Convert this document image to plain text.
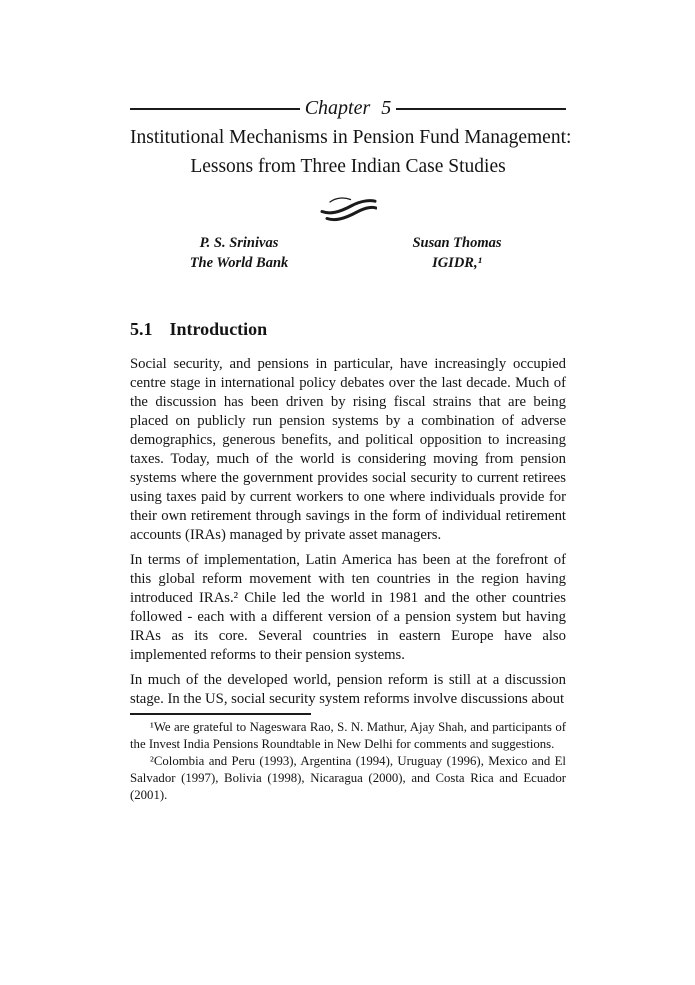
Chapter 5
Institutional Mechanisms in Pension Fund Management:
Lessons from Three Indian Case Studies
P. S. Srinivas
The World Bank
Susan Thomas
IGIDR,¹
5.1 Introduction

Social security, and pensions in particular, have increasingly occupied centre stage in international policy debates over the last decade. Much of the discussion has been driven by rising fiscal strains that are being placed on publicly run pension systems by a combination of adverse demographics, generous benefits, and political opposition to increasing taxes. Today, much of the world is considering moving from pension systems where the government provides social security to current retirees using taxes paid by current workers to one where individuals provide for their own retirement through savings in the form of individual retirement accounts (IRAs) managed by private asset managers.

In terms of implementation, Latin America has been at the forefront of this global reform movement with ten countries in the region having introduced IRAs.² Chile led the world in 1981 and the other countries followed - each with a different version of a pension system but having IRAs as its core. Several countries in eastern Europe have also implemented reforms to their pension systems.

In much of the developed world, pension reform is still at a discussion stage. In the US, social security system reforms involve discussions about

¹We are grateful to Nageswara Rao, S. N. Mathur, Ajay Shah, and participants of the Invest India Pensions Roundtable in New Delhi for comments and suggestions.

²Colombia and Peru (1993), Argentina (1994), Uruguay (1996), Mexico and El Salvador (1997), Bolivia (1998), Nicaragua (2000), and Costa Rica and Ecuador (2001).
